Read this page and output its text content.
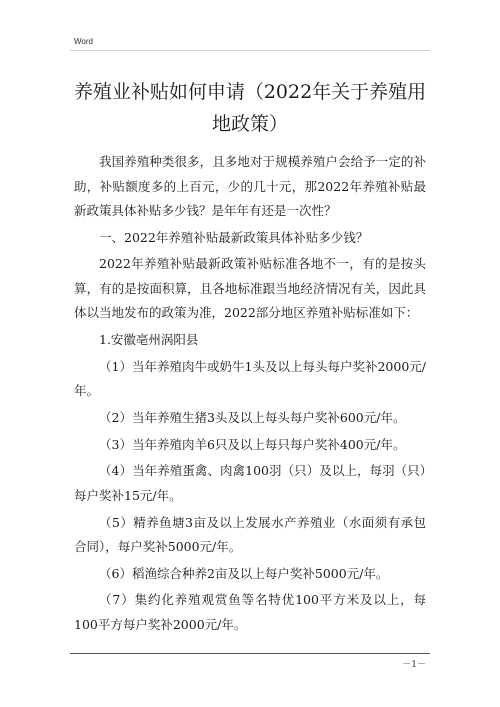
Word
养殖业补贴如何申请（2022年关于养殖用地政策）

我国养殖种类很多，且多地对于规模养殖户会给予一定的补助，补贴额度多的上百元，少的几十元，那2022年养殖补贴最新政策具体补贴多少钱？是年年有还是一次性？

一、2022年养殖补贴最新政策具体补贴多少钱？

2022年养殖补贴最新政策补贴标准各地不一，有的是按头算，有的是按面积算，且各地标准跟当地经济情况有关，因此具体以当地发布的政策为准，2022部分地区养殖补贴标准如下：

1.安徽亳州涡阳县

（1）当年养殖肉牛或奶牛1头及以上每头每户奖补2000元/年。

（2）当年养殖生猪3头及以上每头每户奖补600元/年。

（3）当年养殖肉羊6只及以上每只每户奖补400元/年。

（4）当年养殖蛋禽、肉禽100羽（只）及以上，每羽（只）每户奖补15元/年。

（5）精养鱼塘3亩及以上发展水产养殖业（水面须有承包合同），每户奖补5000元/年。

（6）稻渔综合种养2亩及以上每户奖补5000元/年。

（7）集约化养殖观赏鱼等名特优100平方米及以上，每100平方每户奖补2000元/年。

－1－
